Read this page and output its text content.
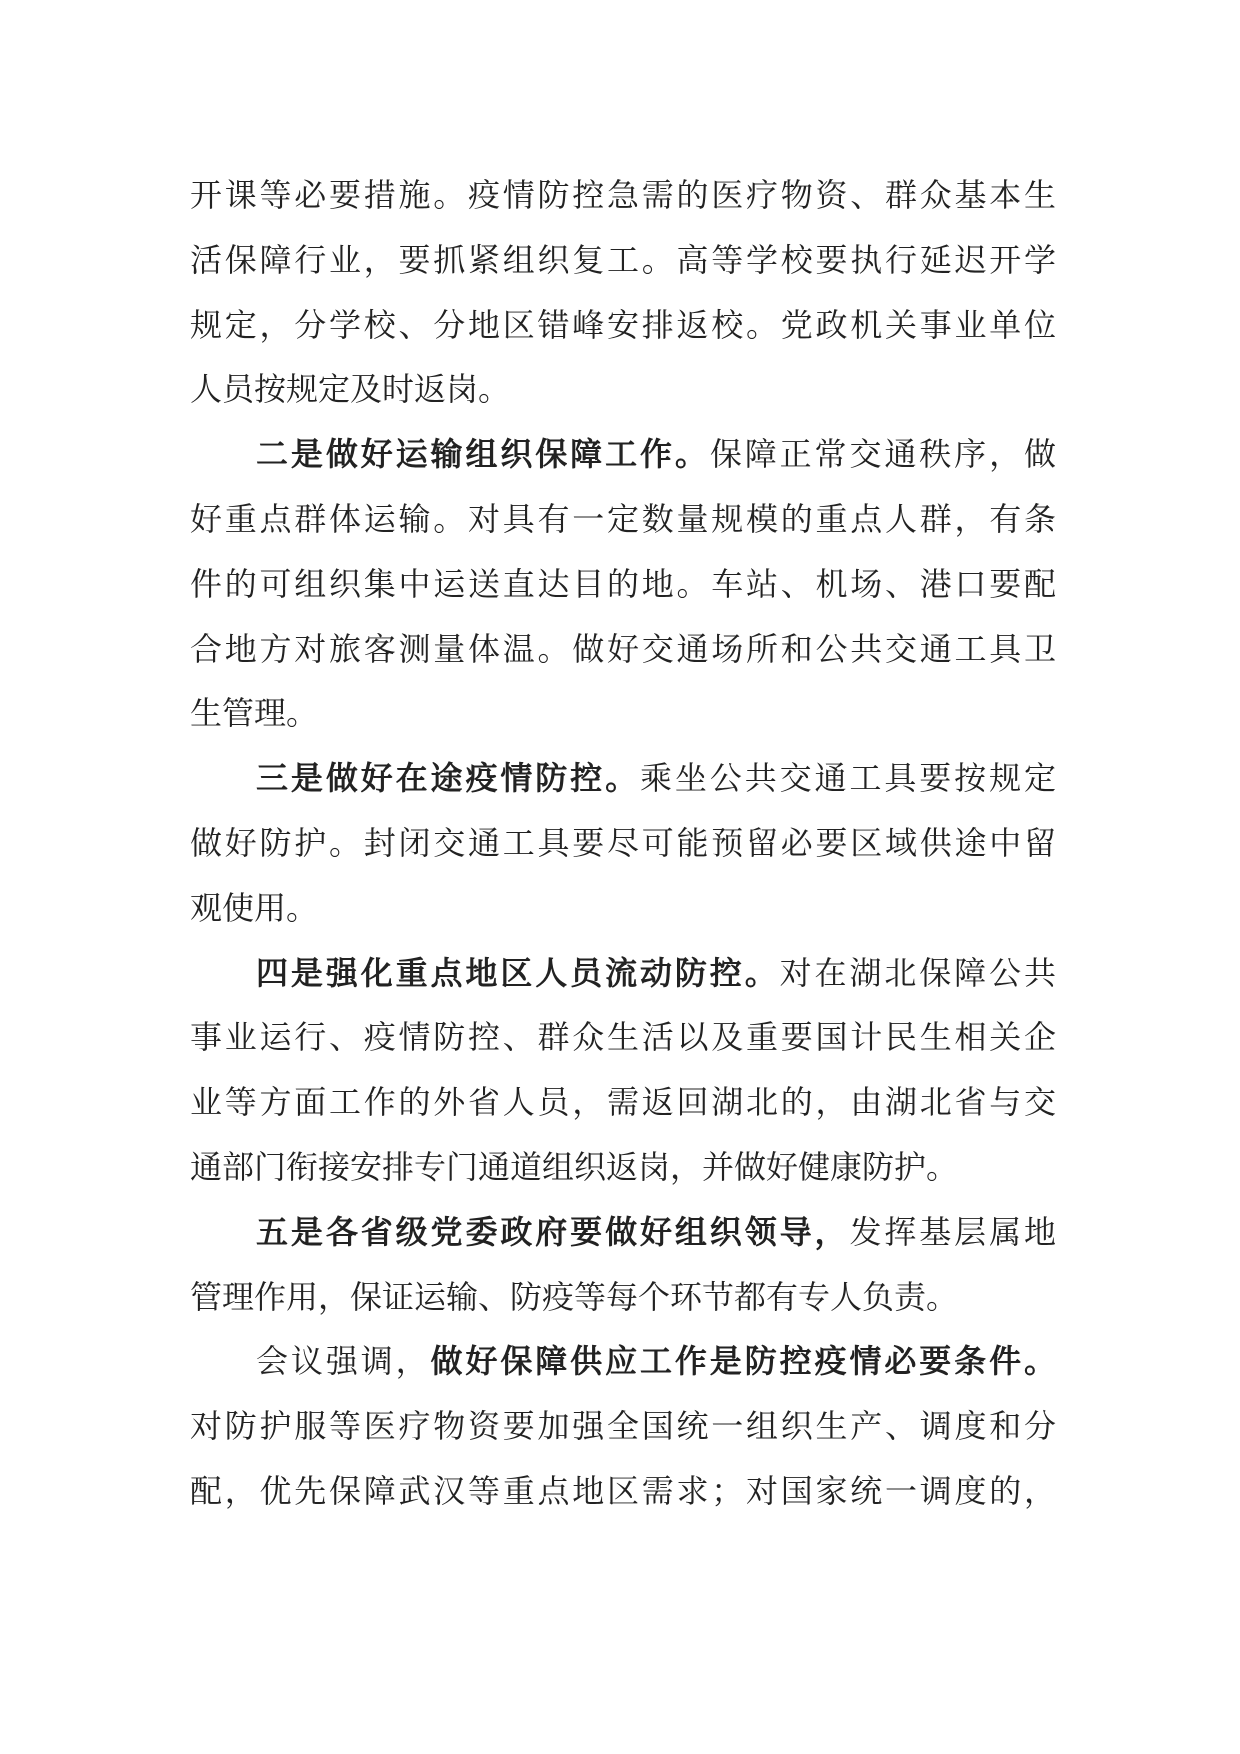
开课等必要措施。疫情防控急需的医疗物资、群众基本生
活保障行业，要抓紧组织复工。高等学校要执行延迟开学
规定，分学校、分地区错峰安排返校。党政机关事业单位
人员按规定及时返岗。
二是做好运输组织保障工作。保障正常交通秩序，做
好重点群体运输。对具有一定数量规模的重点人群，有条
件的可组织集中运送直达目的地。车站、机场、港口要配
合地方对旅客测量体温。做好交通场所和公共交通工具卫
生管理。
三是做好在途疫情防控。乘坐公共交通工具要按规定
做好防护。封闭交通工具要尽可能预留必要区域供途中留
观使用。
四是强化重点地区人员流动防控。对在湖北保障公共
事业运行、疫情防控、群众生活以及重要国计民生相关企
业等方面工作的外省人员，需返回湖北的，由湖北省与交
通部门衔接安排专门通道组织返岗，并做好健康防护。
五是各省级党委政府要做好组织领导，发挥基层属地
管理作用，保证运输、防疫等每个环节都有专人负责。
会议强调，做好保障供应工作是防控疫情必要条件。
对防护服等医疗物资要加强全国统一组织生产、调度和分
配，优先保障武汉等重点地区需求；对国家统一调度的，
